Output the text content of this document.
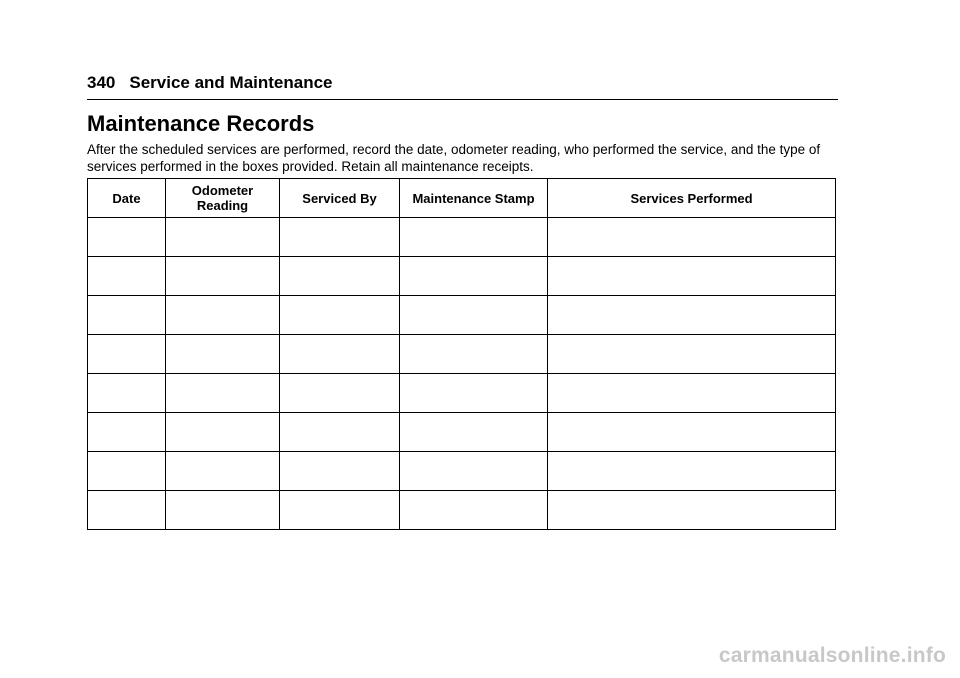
340 Service and Maintenance
Maintenance Records

After the scheduled services are performed, record the date, odometer reading, who performed the service, and the type of services performed in the boxes provided. Retain all maintenance receipts.

Date	Odometer Reading	Serviced By	Maintenance Stamp	Services Performed

carmanualsonline.info
